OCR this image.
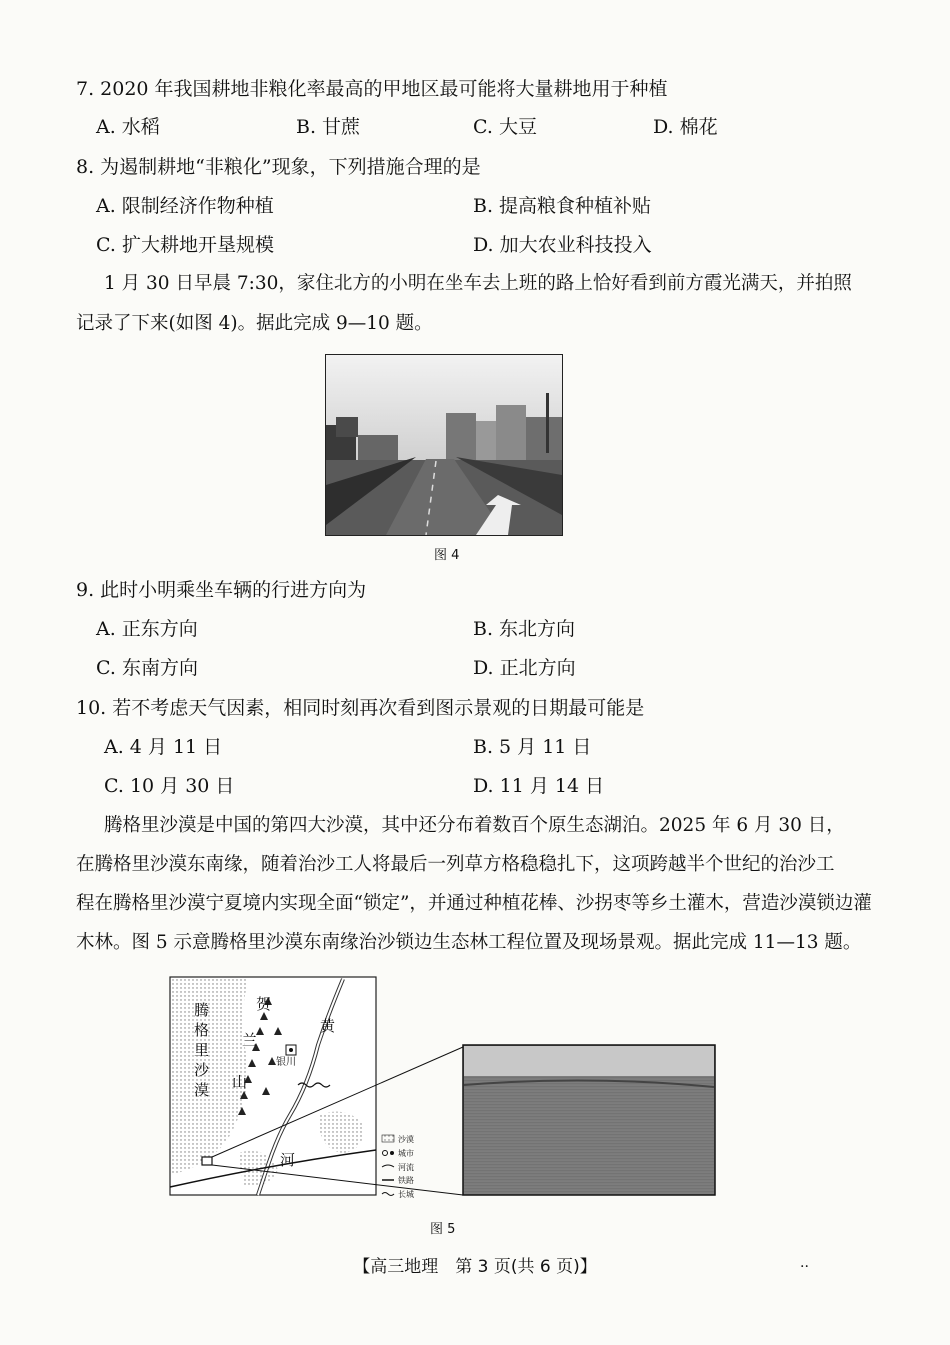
7. 2020 年我国耕地非粮化率最高的甲地区最可能将大量耕地用于种植
A. 水稻	B. 甘蔗	C. 大豆	D. 棉花
8. 为遏制耕地“非粮化”现象，下列措施合理的是
A. 限制经济作物种植	B. 提高粮食种植补贴
C. 扩大耕地开垦规模	D. 加大农业科技投入
1 月 30 日早晨 7:30，家住北方的小明在坐车去上班的路上恰好看到前方霞光满天，并拍照
记录了下来(如图 4)。据此完成 9—10 题。
图 4
9. 此时小明乘坐车辆的行进方向为
A. 正东方向	B. 东北方向
C. 东南方向	D. 正北方向
10. 若不考虑天气因素，相同时刻再次看到图示景观的日期最可能是
A. 4 月 11 日	B. 5 月 11 日
C. 10 月 30 日	D. 11 月 14 日
腾格里沙漠是中国的第四大沙漠，其中还分布着数百个原生态湖泊。2025 年 6 月 30 日，
在腾格里沙漠东南缘，随着治沙工人将最后一列草方格稳稳扎下，这项跨越半个世纪的治沙工
程在腾格里沙漠宁夏境内实现全面“锁定”，并通过种植花棒、沙拐枣等乡土灌木，营造沙漠锁边灌
木林。图 5 示意腾格里沙漠东南缘治沙锁边生态林工程位置及现场景观。据此完成 11—13 题。
沙漠
城市
河流
铁路
长城
腾
格
里
沙
漠
贺
兰
山
黄
河
银川
图 5
【高三地理　第 3 页(共 6 页)】	..
